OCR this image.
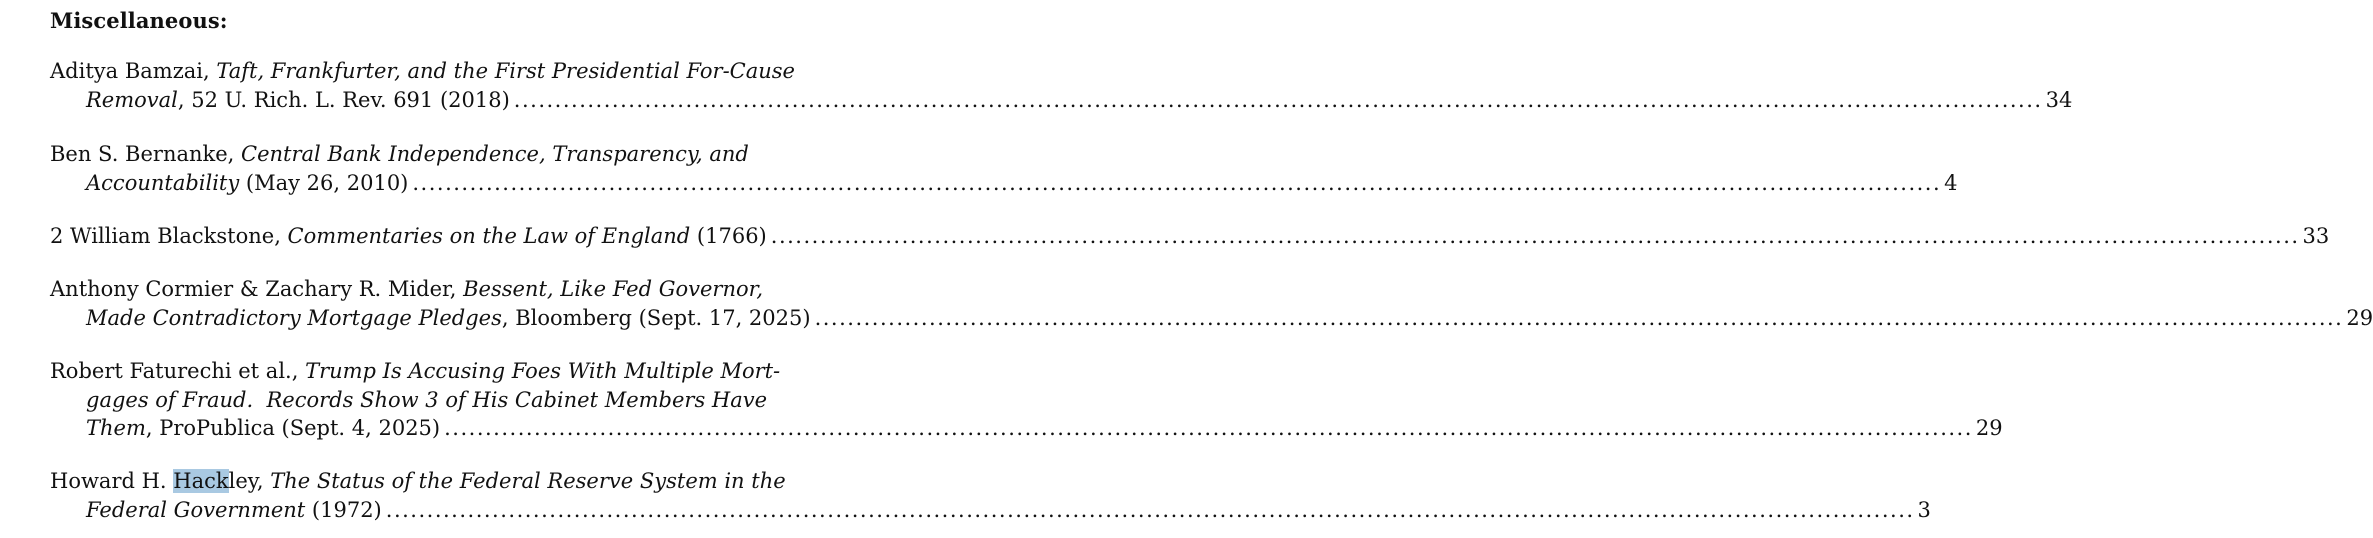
Miscellaneous:
Aditya Bamzai, Taft, Frankfurter, and the First Presidential For-Cause
Removal, 52 U. Rich. L. Rev. 691 (2018) ........................................................................................................................................................................................... 34
Ben S. Bernanke, Central Bank Independence, Transparency, and
Accountability (May 26, 2010) ........................................................................................................................................................................................... 4
2 William Blackstone, Commentaries on the Law of England (1766) ........................................................................................................................................................................................... 33
Anthony Cormier & Zachary R. Mider, Bessent, Like Fed Governor,
Made Contradictory Mortgage Pledges, Bloomberg (Sept. 17, 2025) ........................................................................................................................................................................................... 29
Robert Faturechi et al., Trump Is Accusing Foes With Multiple Mort-
gages of Fraud.  Records Show 3 of His Cabinet Members Have
Them, ProPublica (Sept. 4, 2025) ........................................................................................................................................................................................... 29
Howard H. Hackley, The Status of the Federal Reserve System in the
Federal Government (1972) ........................................................................................................................................................................................... 3
